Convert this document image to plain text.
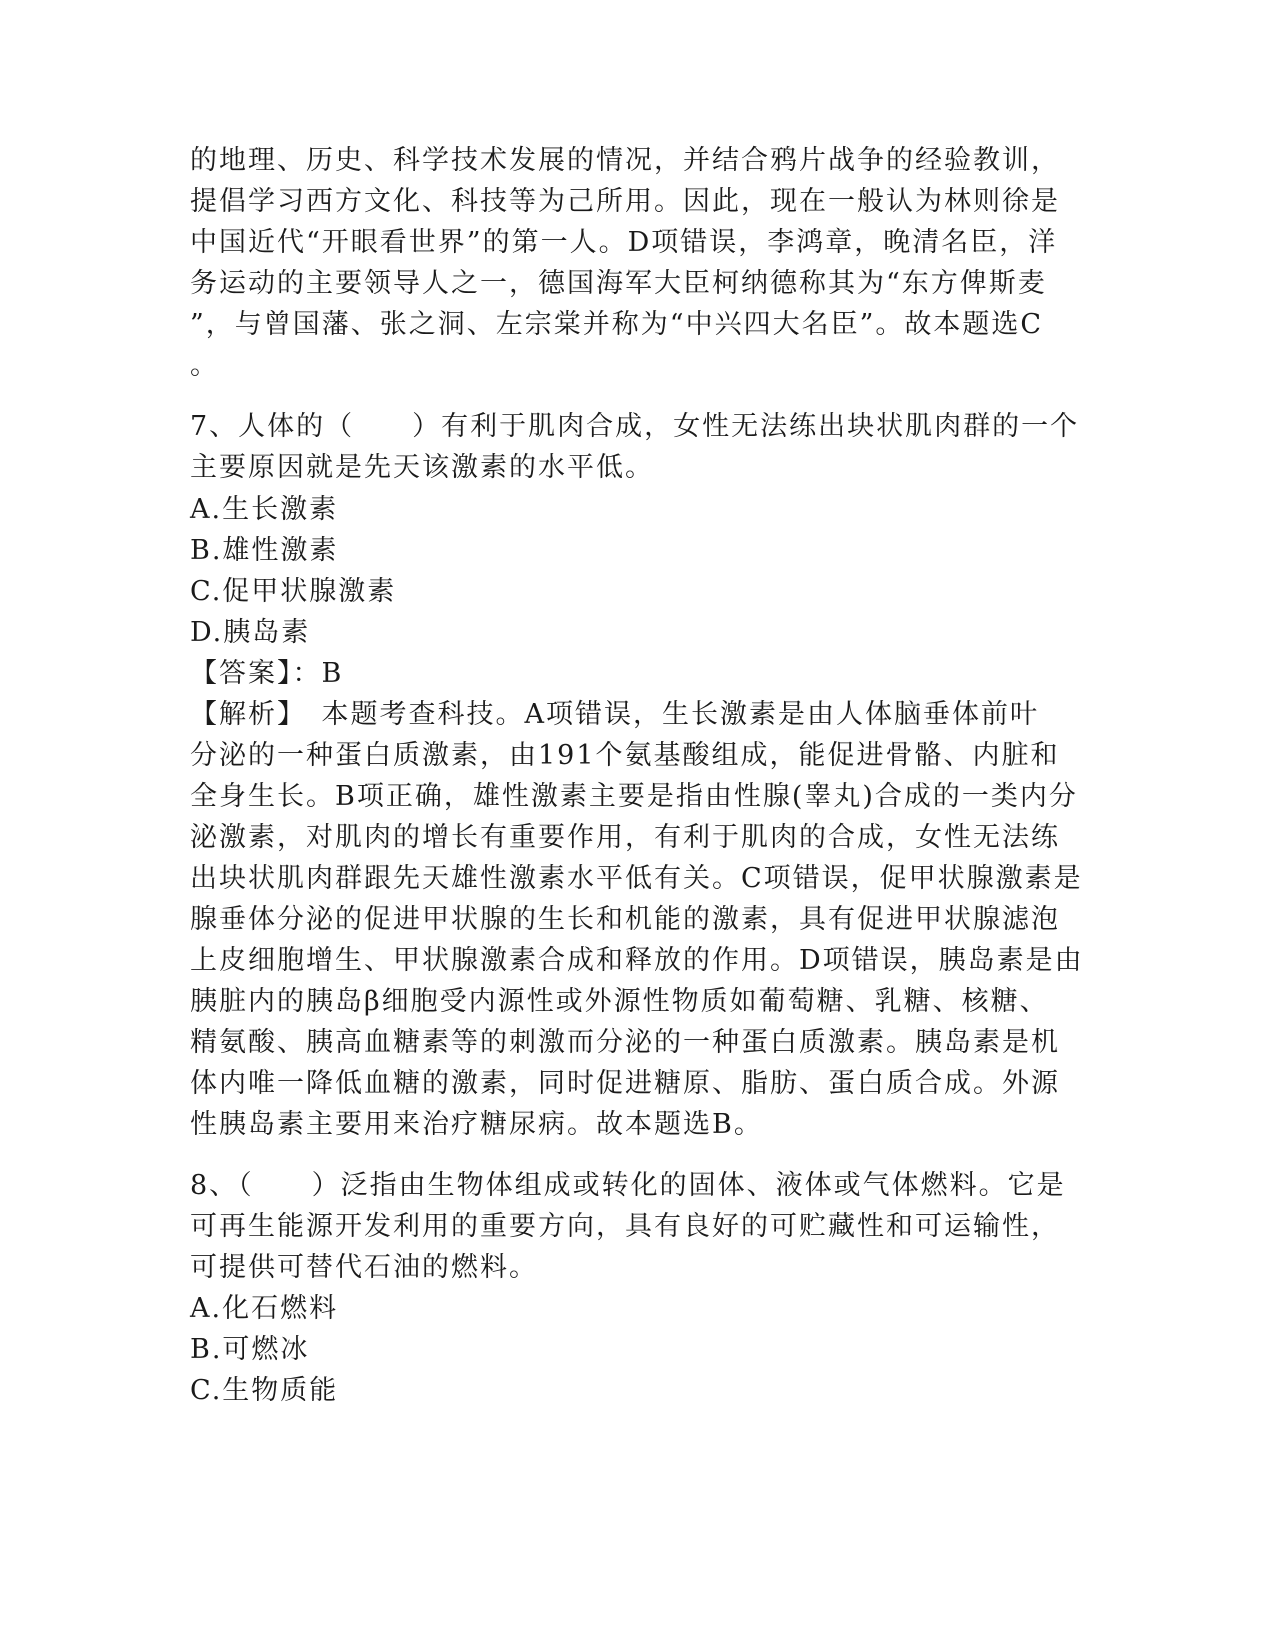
的地理、历史、科学技术发展的情况，并结合鸦片战争的经验教训，
提倡学习西方文化、科技等为己所用。因此，现在一般认为林则徐是
中国近代“开眼看世界”的第一人。D项错误，李鸿章，晚清名臣，洋
务运动的主要领导人之一，德国海军大臣柯纳德称其为“东方俾斯麦
”，与曾国藩、张之洞、左宗棠并称为“中兴四大名臣”。故本题选C
。
7、人体的（　　）有利于肌肉合成，女性无法练出块状肌肉群的一个
主要原因就是先天该激素的水平低。
A.生长激素
B.雄性激素
C.促甲状腺激素
D.胰岛素
【答案】：B
【解析】　本题考查科技。A项错误，生长激素是由人体脑垂体前叶
分泌的一种蛋白质激素，由191个氨基酸组成，能促进骨骼、内脏和
全身生长。B项正确，雄性激素主要是指由性腺(睾丸)合成的一类内分
泌激素，对肌肉的增长有重要作用，有利于肌肉的合成，女性无法练
出块状肌肉群跟先天雄性激素水平低有关。C项错误，促甲状腺激素是
腺垂体分泌的促进甲状腺的生长和机能的激素，具有促进甲状腺滤泡
上皮细胞增生、甲状腺激素合成和释放的作用。D项错误，胰岛素是由
胰脏内的胰岛β细胞受内源性或外源性物质如葡萄糖、乳糖、核糖、
精氨酸、胰高血糖素等的刺激而分泌的一种蛋白质激素。胰岛素是机
体内唯一降低血糖的激素，同时促进糖原、脂肪、蛋白质合成。外源
性胰岛素主要用来治疗糖尿病。故本题选B。
8、（　　）泛指由生物体组成或转化的固体、液体或气体燃料。它是
可再生能源开发利用的重要方向，具有良好的可贮藏性和可运输性，
可提供可替代石油的燃料。
A.化石燃料
B.可燃冰
C.生物质能
